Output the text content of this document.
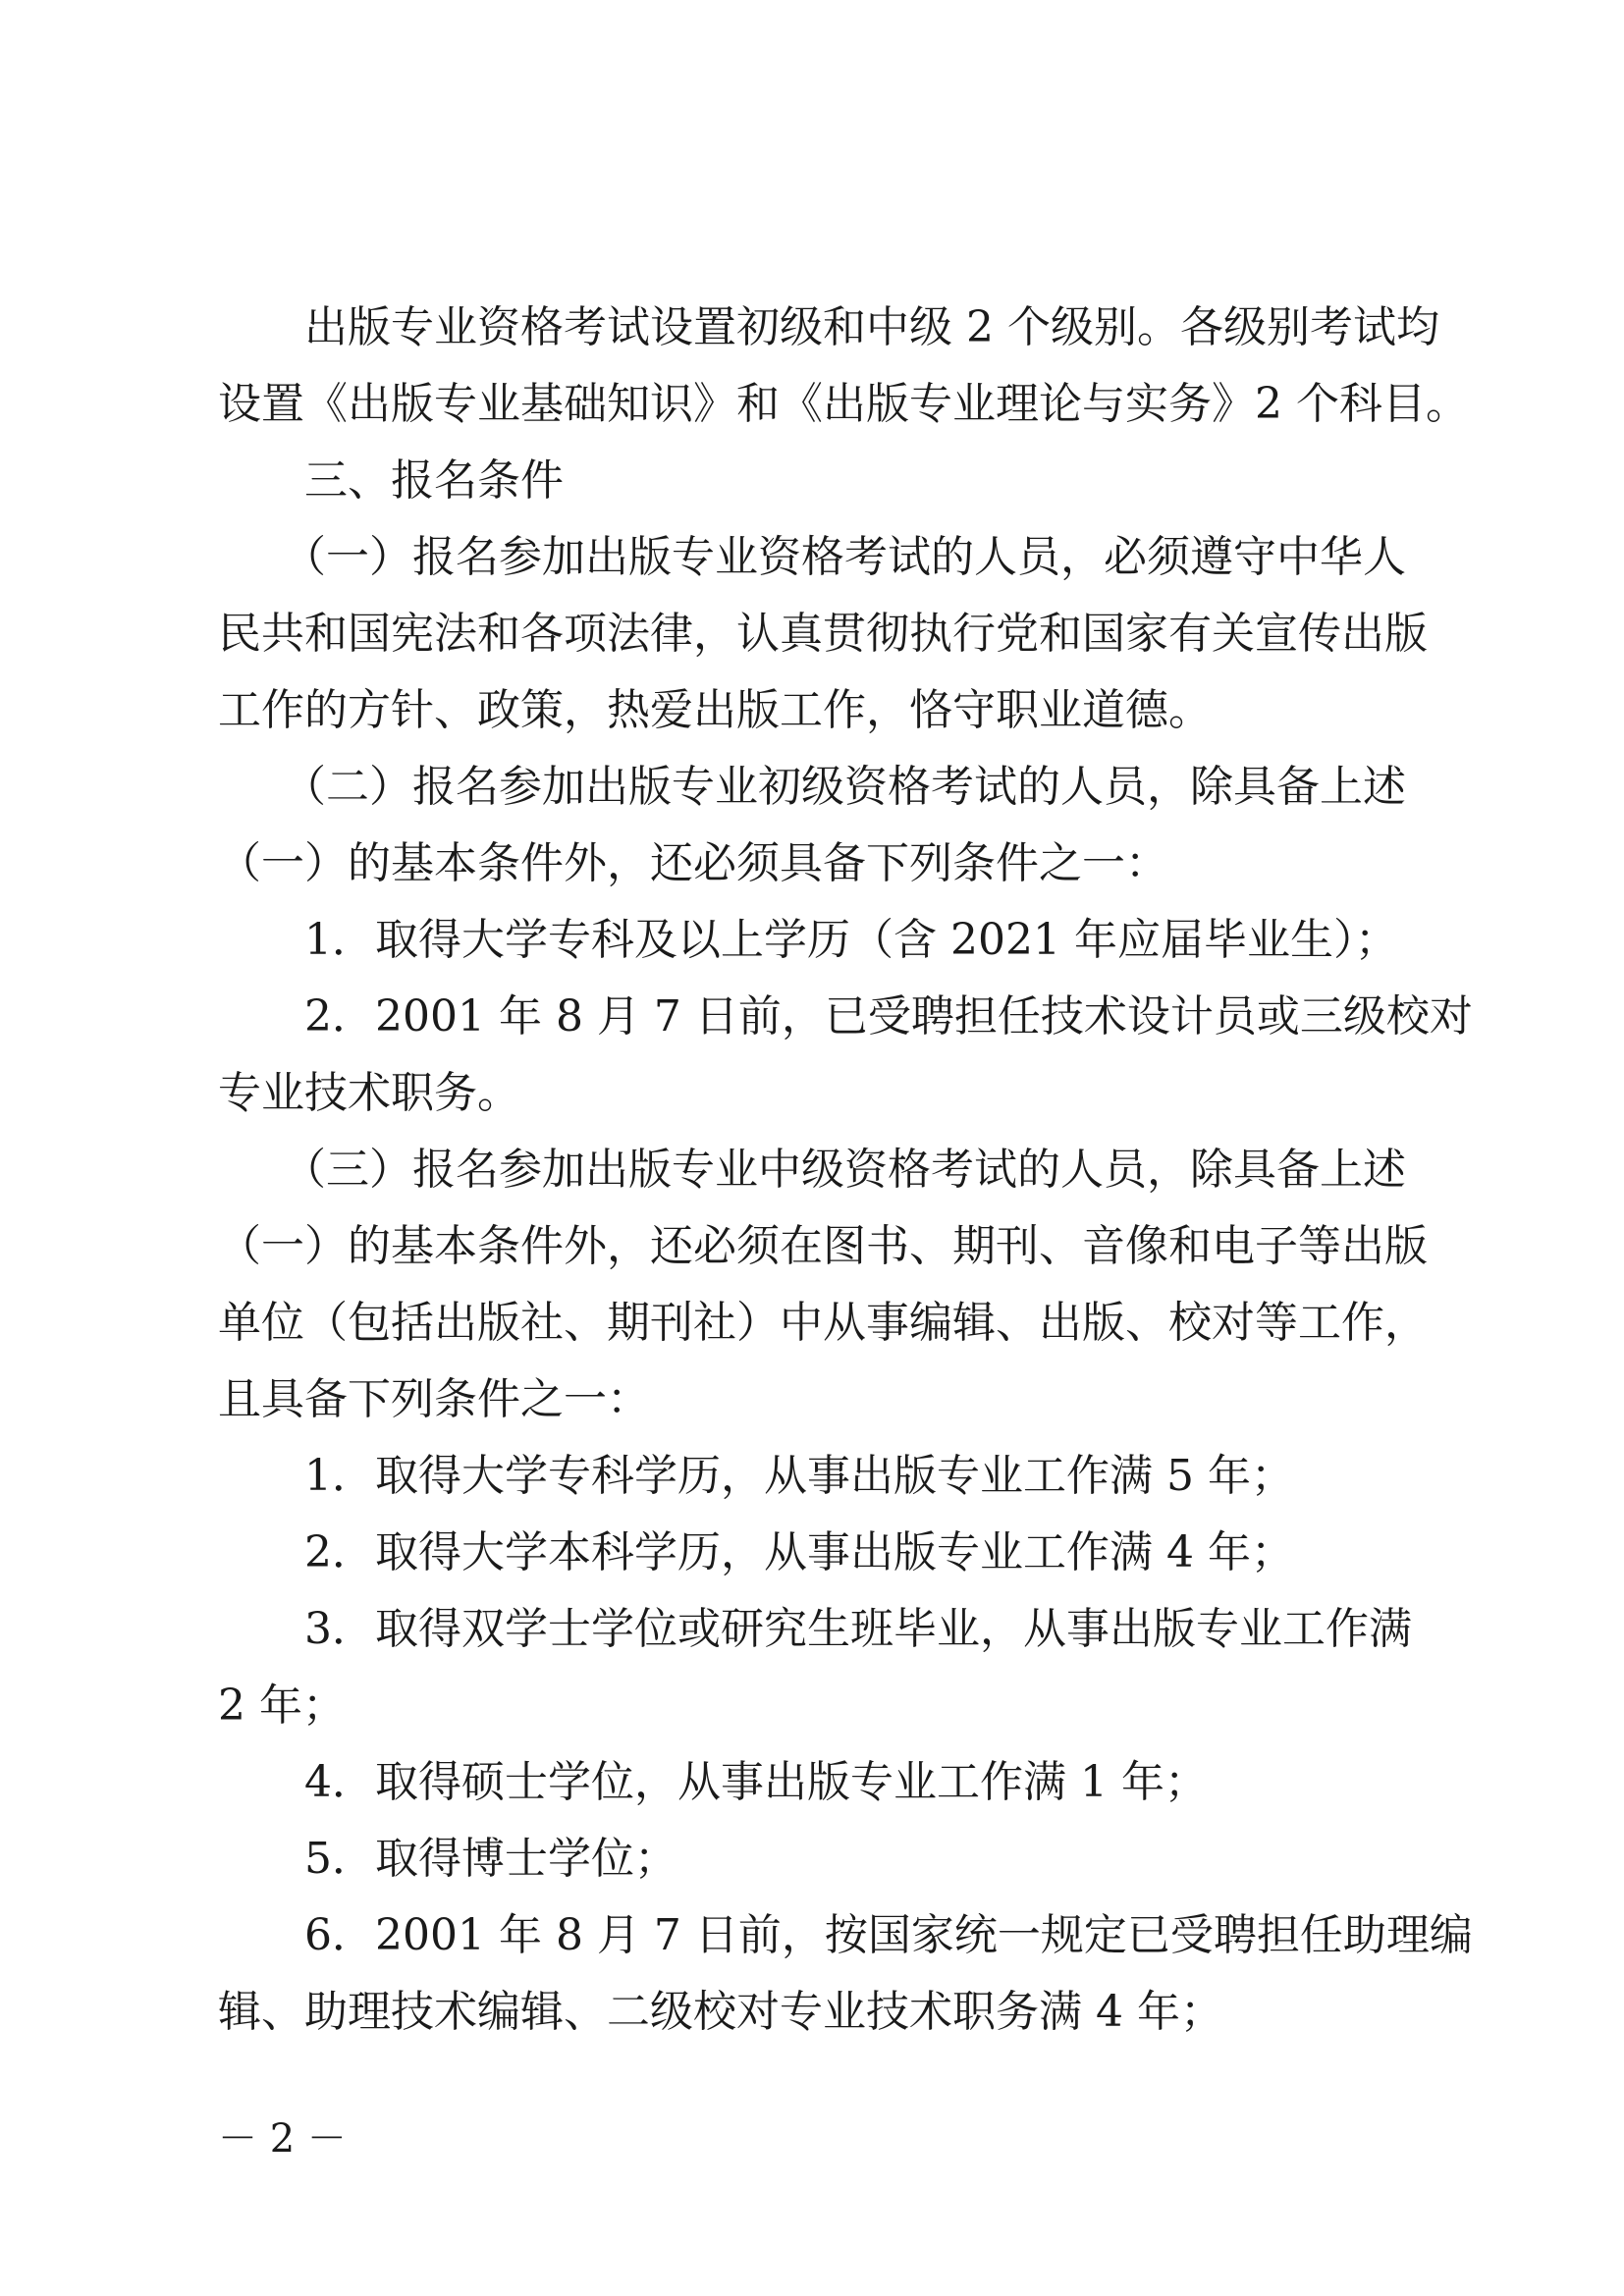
　　出版专业资格考试设置初级和中级 2 个级别。各级别考试均
设置《出版专业基础知识》和《出版专业理论与实务》2 个科目。
　　三、报名条件
　　（一）报名参加出版专业资格考试的人员，必须遵守中华人
民共和国宪法和各项法律，认真贯彻执行党和国家有关宣传出版
工作的方针、政策，热爱出版工作，恪守职业道德。
　　（二）报名参加出版专业初级资格考试的人员，除具备上述
（一）的基本条件外，还必须具备下列条件之一：
　　1．取得大学专科及以上学历（含 2021 年应届毕业生）；
　　2．2001 年 8 月 7 日前，已受聘担任技术设计员或三级校对
专业技术职务。
　　（三）报名参加出版专业中级资格考试的人员，除具备上述
（一）的基本条件外，还必须在图书、期刊、音像和电子等出版
单位（包括出版社、期刊社）中从事编辑、出版、校对等工作，
且具备下列条件之一：
　　1．取得大学专科学历，从事出版专业工作满 5 年；
　　2．取得大学本科学历，从事出版专业工作满 4 年；
　　3．取得双学士学位或研究生班毕业，从事出版专业工作满
2 年；
　　4．取得硕士学位，从事出版专业工作满 1 年；
　　5．取得博士学位；
　　6．2001 年 8 月 7 日前，按国家统一规定已受聘担任助理编
辑、助理技术编辑、二级校对专业技术职务满 4 年；
－ 2 －
